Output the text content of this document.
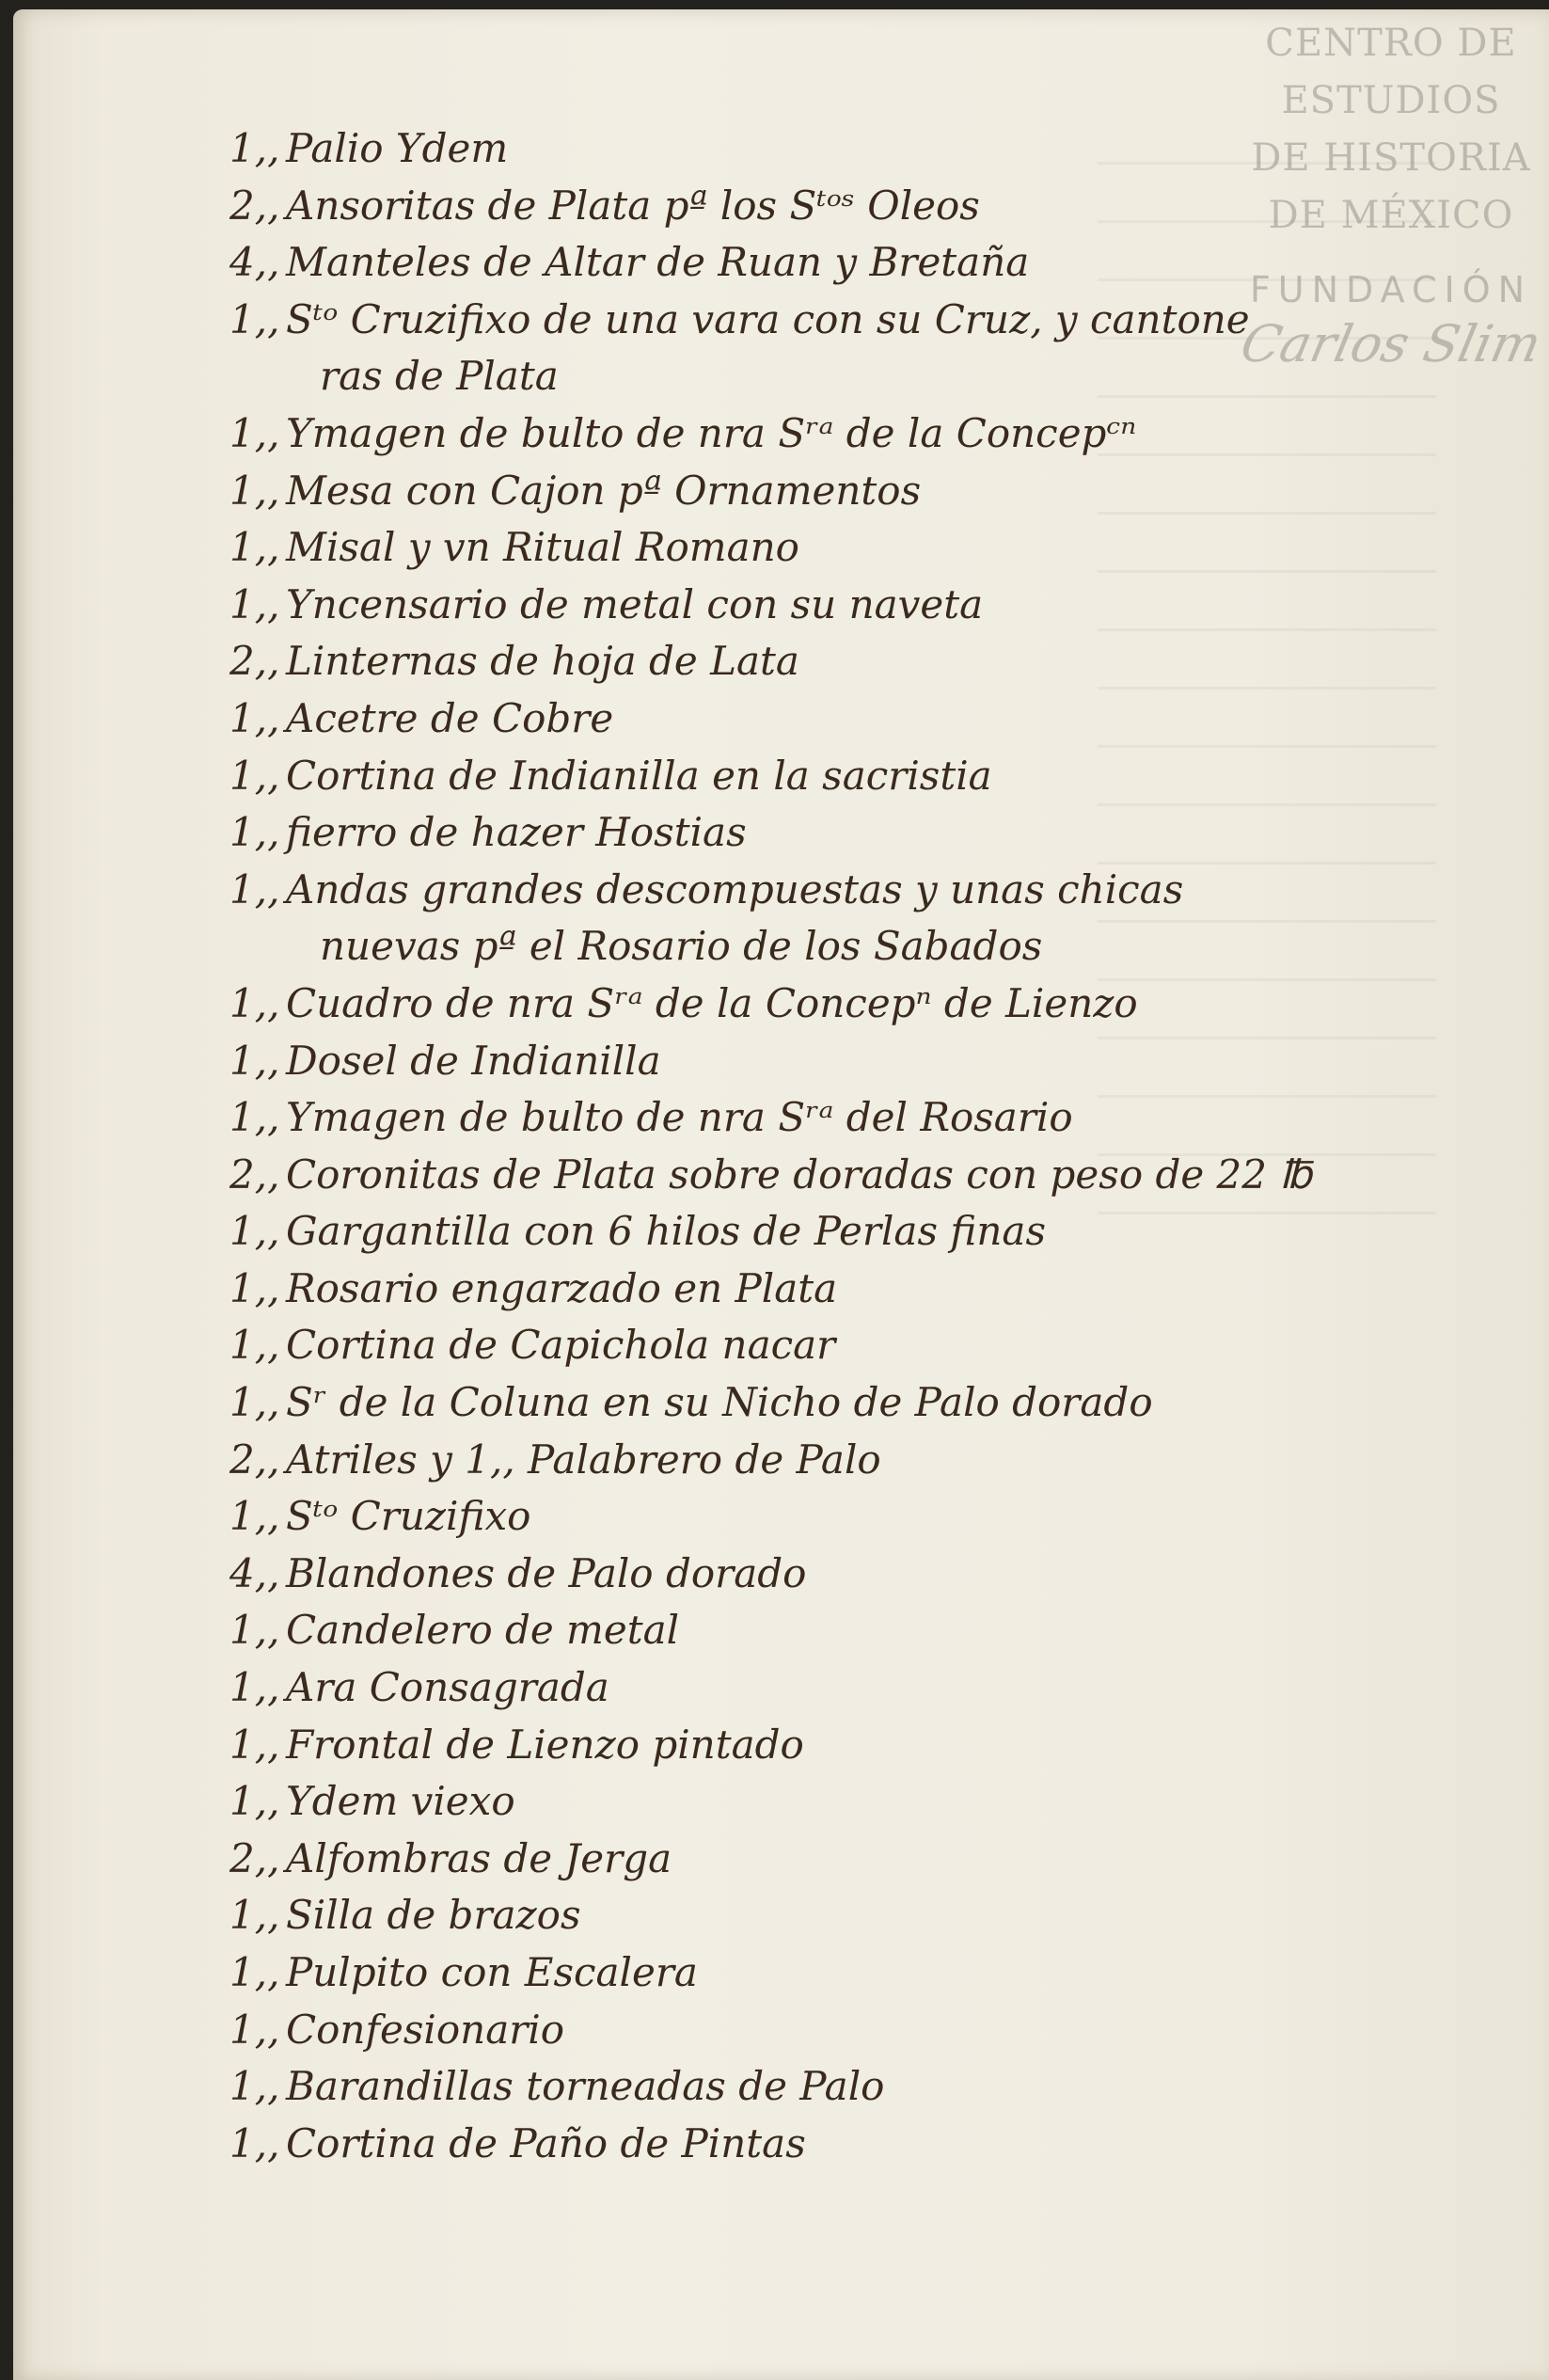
CENTRO DE
ESTUDIOS
DE HISTORIA
DE MÉXICO
FUNDACIÓN
Carlos Slim
1,, Palio Ydem
2,, Ansoritas de Plata pª los Sᵗᵒˢ Oleos
4,, Manteles de Altar de Ruan y Bretaña
1,, Sᵗᵒ Cruzifixo de una vara con su Cruz, y cantone
ras de Plata
1,, Ymagen de bulto de nra Sʳᵃ de la Concepᶜⁿ
1,, Mesa con Cajon pª Ornamentos
1,, Misal y vn Ritual Romano
1,, Yncensario de metal con su naveta
2,, Linternas de hoja de Lata
1,, Acetre de Cobre
1,, Cortina de Indianilla en la sacristia
1,, fierro de hazer Hostias
1,, Andas grandes descompuestas y unas chicas
nuevas pª el Rosario de los Sabados
1,, Cuadro de nra Sʳᵃ de la Concepⁿ de Lienzo
1,, Dosel de Indianilla
1,, Ymagen de bulto de nra Sʳᵃ del Rosario
2,, Coronitas de Plata sobre doradas con peso de 22 ℔
1,, Gargantilla con 6 hilos de Perlas finas
1,, Rosario engarzado en Plata
1,, Cortina de Capichola nacar
1,, Sʳ de la Coluna en su Nicho de Palo dorado
2,, Atriles y 1,, Palabrero de Palo
1,, Sᵗᵒ Cruzifixo
4,, Blandones de Palo dorado
1,, Candelero de metal
1,, Ara Consagrada
1,, Frontal de Lienzo pintado
1,, Ydem viexo
2,, Alfombras de Jerga
1,, Silla de brazos
1,, Pulpito con Escalera
1,, Confesionario
1,, Barandillas torneadas de Palo
1,, Cortina de Paño de Pintas
